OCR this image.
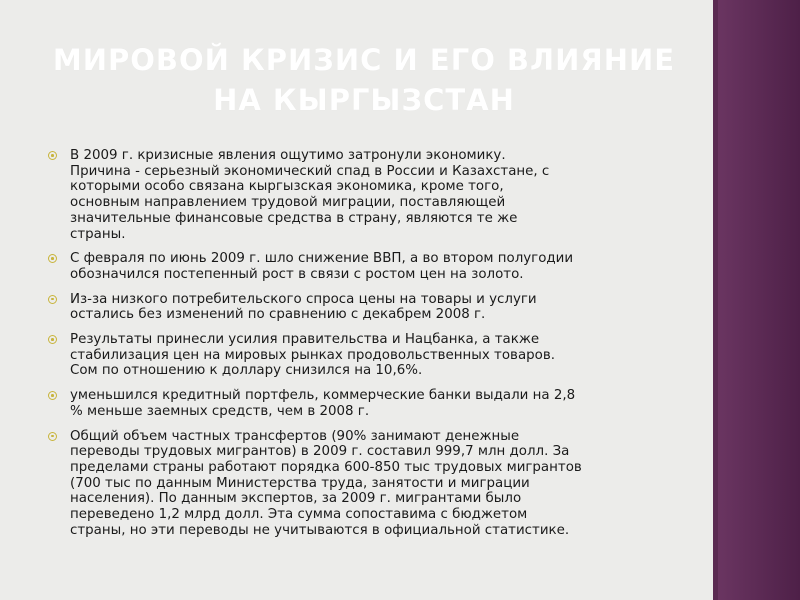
МИРОВОЙ КРИЗИС И ЕГО ВЛИЯНИЕ НА КЫРГЫЗСТАН
В 2009 г. кризисные явления ощутимо затронули экономику.
Причина - серьезный экономический спад в России и Казахстане, с
которыми особо связана кыргызская экономика, кроме того,
основным направлением трудовой миграции, поставляющей
значительные финансовые средства в страну, являются те же
страны.
С февраля по июнь 2009 г. шло снижение ВВП, а во втором полугодии
обозначился постепенный рост в связи с ростом цен на золото.
Из-за низкого потребительского спроса цены на товары и услуги
остались без изменений по сравнению с декабрем 2008 г.
Результаты принесли усилия правительства и Нацбанка, а также
стабилизация цен на мировых рынках продовольственных товаров.
Сом по отношению к доллару снизился на 10,6%.
уменьшился кредитный портфель, коммерческие банки выдали на 2,8
% меньше заемных средств, чем в 2008 г.
Общий объем частных трансфертов (90% занимают денежные
переводы трудовых мигрантов) в 2009 г. составил 999,7 млн долл. За
пределами страны работают порядка 600-850 тыс трудовых мигрантов
(700 тыс по данным Министерства труда, занятости и миграции
населения). По данным экспертов, за 2009 г. мигрантами было
переведено 1,2 млрд долл. Эта сумма сопоставима с бюджетом
страны, но эти переводы не учитываются в официальной статистике.
